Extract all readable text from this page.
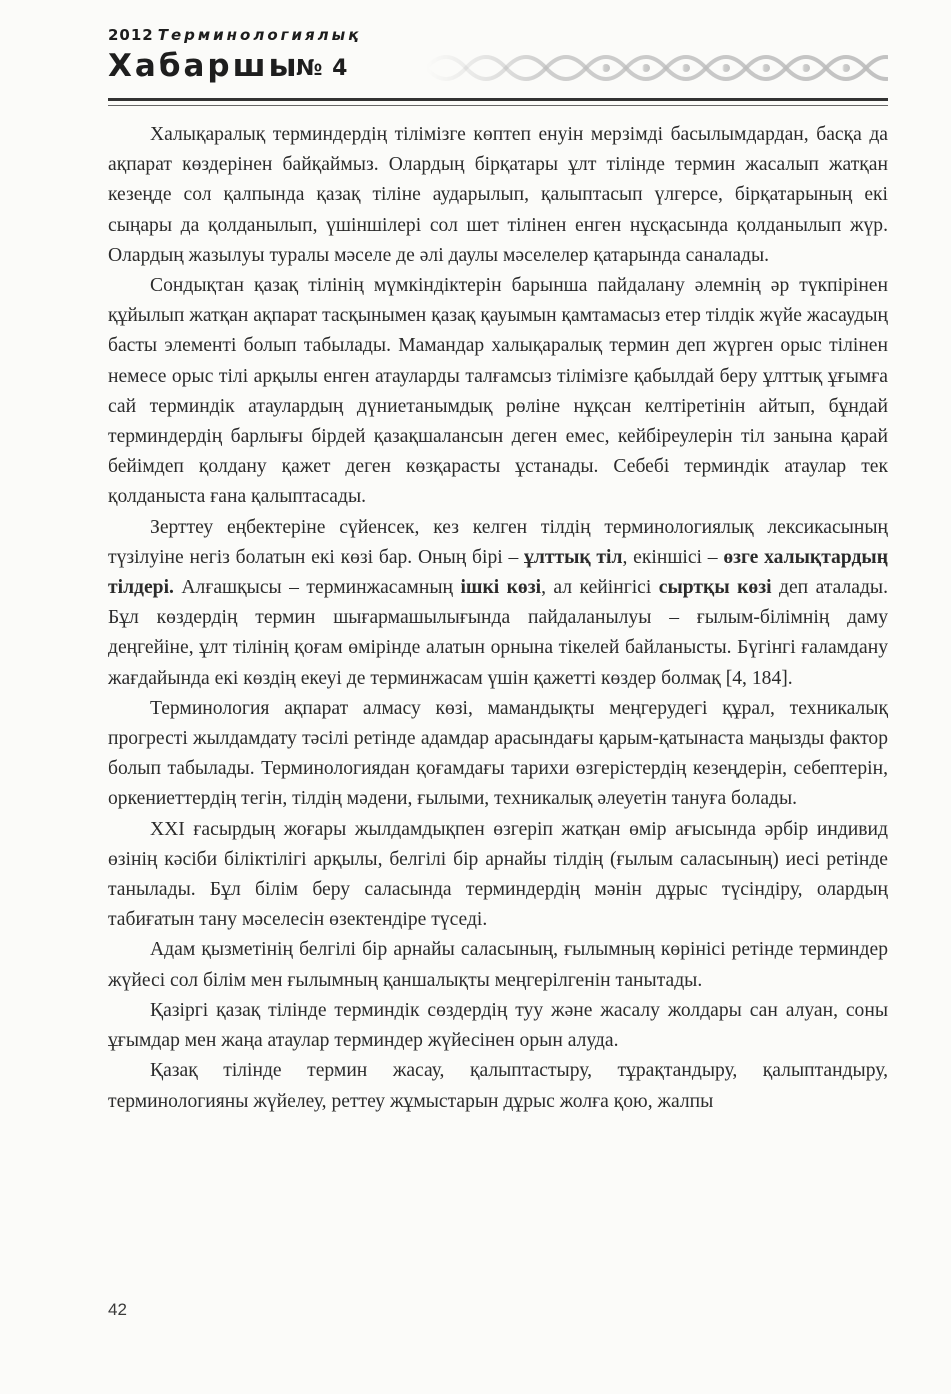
2012 Терминологиялық
Хабаршы
№ 4

Халықаралық терминдердің тілімізге көптеп енуін мерзімді басылымдардан, басқа да ақпарат көздерінен байқаймыз. Олардың бірқатары ұлт тілінде термин жасалып жатқан кезеңде сол қалпында қазақ тіліне аударылып, қалыптасып үлгерсе, бірқатарының екі сыңары да қолданылып, үшіншілері сол шет тілінен енген нұсқасында қолданылып жүр. Олардың жазылуы туралы мәселе де әлі даулы мәселелер қатарында саналады.

Сондықтан қазақ тілінің мүмкіндіктерін барынша пайдалану әлемнің әр түкпірінен құйылып жатқан ақпарат тасқынымен қазақ қауымын қамтамасыз етер тілдік жүйе жасаудың басты элементі болып табылады. Мамандар халықаралық термин деп жүрген орыс тілінен немесе орыс тілі арқылы енген атауларды талғамсыз тілімізге қабылдай беру ұлттық ұғымға сай терминдік атаулардың дүниетанымдық рөліне нұқсан келтіретінін айтып, бұндай терминдердің барлығы бірдей қазақшалансын деген емес, кейбіреулерін тіл занына қарай бейімдеп қолдану қажет деген көзқарасты ұстанады. Себебі терминдік атаулар тек қолданыста ғана қалыптасады.

Зерттеу еңбектеріне сүйенсек, кез келген тілдің терминологиялық лексикасының түзілуіне негіз болатын екі көзі бар. Оның бірі – ұлттық тіл, екіншісі – өзге халықтардың тілдері. Алғашқысы – терминжасамның ішкі көзі, ал кейінгісі сыртқы көзі деп аталады. Бұл көздердің термин шығармашылығында пайдаланылуы – ғылым-білімнің даму деңгейіне, ұлт тілінің қоғам өмірінде алатын орнына тікелей байланысты. Бүгінгі ғаламдану жағдайында екі көздің екеуі де терминжасам үшін қажетті көздер болмақ [4, 184].

Терминология ақпарат алмасу көзі, мамандықты меңгерудегі құрал, техникалық прогресті жылдамдату тәсілі ретінде адамдар арасындағы қарым-қатынаста маңызды фактор болып табылады. Терминологиядан қоғамдағы тарихи өзгерістердің кезеңдерін, себептерін, оркениеттердің тегін, тілдің мәдени, ғылыми, техникалық әлеуетін тануға болады.

XXI ғасырдың жоғары жылдамдықпен өзгеріп жатқан өмір ағысында әрбір индивид өзінің кәсіби біліктілігі арқылы, белгілі бір арнайы тілдің (ғылым саласының) иесі ретінде танылады. Бұл білім беру саласында терминдердің мәнін дұрыс түсіндіру, олардың табиғатын тану мәселесін өзектендіре түседі.

Адам қызметінің белгілі бір арнайы саласының, ғылымның көрінісі ретінде терминдер жүйесі сол білім мен ғылымның қаншалықты меңгерілгенін танытады.

Қазіргі қазақ тілінде терминдік сөздердің туу және жасалу жолдары сан алуан, соны ұғымдар мен жаңа атаулар терминдер жүйесінен орын алуда.

Қазақ тілінде термин жасау, қалыптастыру, тұрақтандыру, қалыптандыру, терминологияны жүйелеу, реттеу жұмыстарын дұрыс жолға қою, жалпы

42
